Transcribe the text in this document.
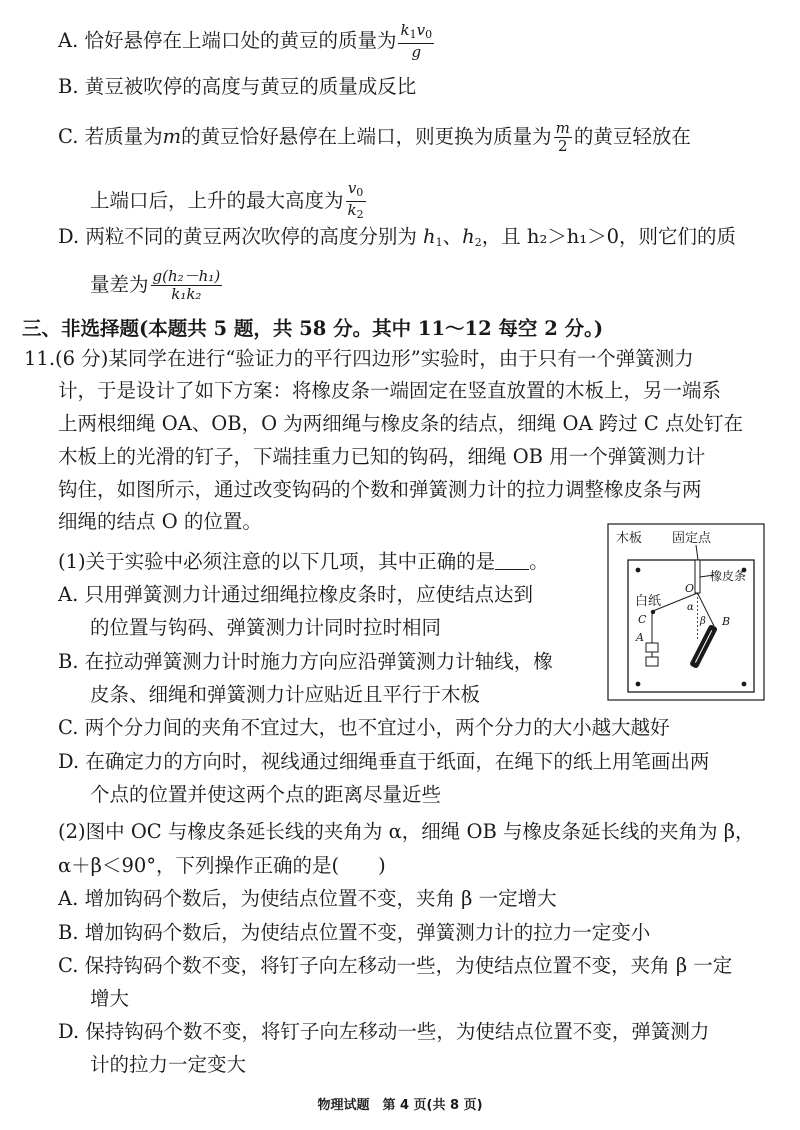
A. 恰好悬停在上端口处的黄豆的质量为 $\frac{k_1v_0}{g}$
B. 黄豆被吹停的高度与黄豆的质量成反比
C. 若质量为m的黄豆恰好悬停在上端口，则更换为质量为 $\frac{m}{2}$ 的黄豆轻放在
上端口后，上升的最大高度为 $\frac{v_0}{k_2}$
D. 两粒不同的黄豆两次吹停的高度分别为 $h_1$、$h_2$，且 h₂＞h₁＞0，则它们的质
量差为 $\frac{\text{g(h₂－h₁)}}{\text{k₁k₂}}$
三、非选择题(本题共 5 题，共 58 分。其中 11～12 每空 2 分。)
11.(6 分)某同学在进行“验证力的平行四边形”实验时，由于只有一个弹簧测力
计，于是设计了如下方案：将橡皮条一端固定在竖直放置的木板上，另一端系
上两根细绳 OA、OB，O 为两细绳与橡皮条的结点，细绳 OA 跨过 C 点处钉在
木板上的光滑的钉子，下端挂重力已知的钩码，细绳 OB 用一个弹簧测力计
钩住，如图所示，通过改变钩码的个数和弹簧测力计的拉力调整橡皮条与两
细绳的结点 O 的位置。
(1)关于实验中必须注意的以下几项，其中正确的是 。
A. 只用弹簧测力计通过细绳拉橡皮条时，应使结点达到
的位置与钩码、弹簧测力计同时拉时相同
B. 在拉动弹簧测力计时施力方向应沿弹簧测力计轴线，橡
皮条、细绳和弹簧测力计应贴近且平行于木板
C. 两个分力间的夹角不宜过大，也不宜过小，两个分力的大小越大越好
D. 在确定力的方向时，视线通过细绳垂直于纸面，在绳下的纸上用笔画出两
个点的位置并使这两个点的距离尽量近些
(2)图中 OC 与橡皮条延长线的夹角为 α，细绳 OB 与橡皮条延长线的夹角为 β，
α＋β＜90°，下列操作正确的是(　　)
A. 增加钩码个数后，为使结点位置不变，夹角 β 一定增大
B. 增加钩码个数后，为使结点位置不变，弹簧测力计的拉力一定变小
C. 保持钩码个数不变，将钉子向左移动一些，为使结点位置不变，夹角 β 一定
增大
D. 保持钩码个数不变，将钉子向左移动一些，为使结点位置不变，弹簧测力
计的拉力一定变大
木板 固定点
橡皮条
白纸
O
α
β
C
A
B
物理试题　第 4 页(共 8 页)
